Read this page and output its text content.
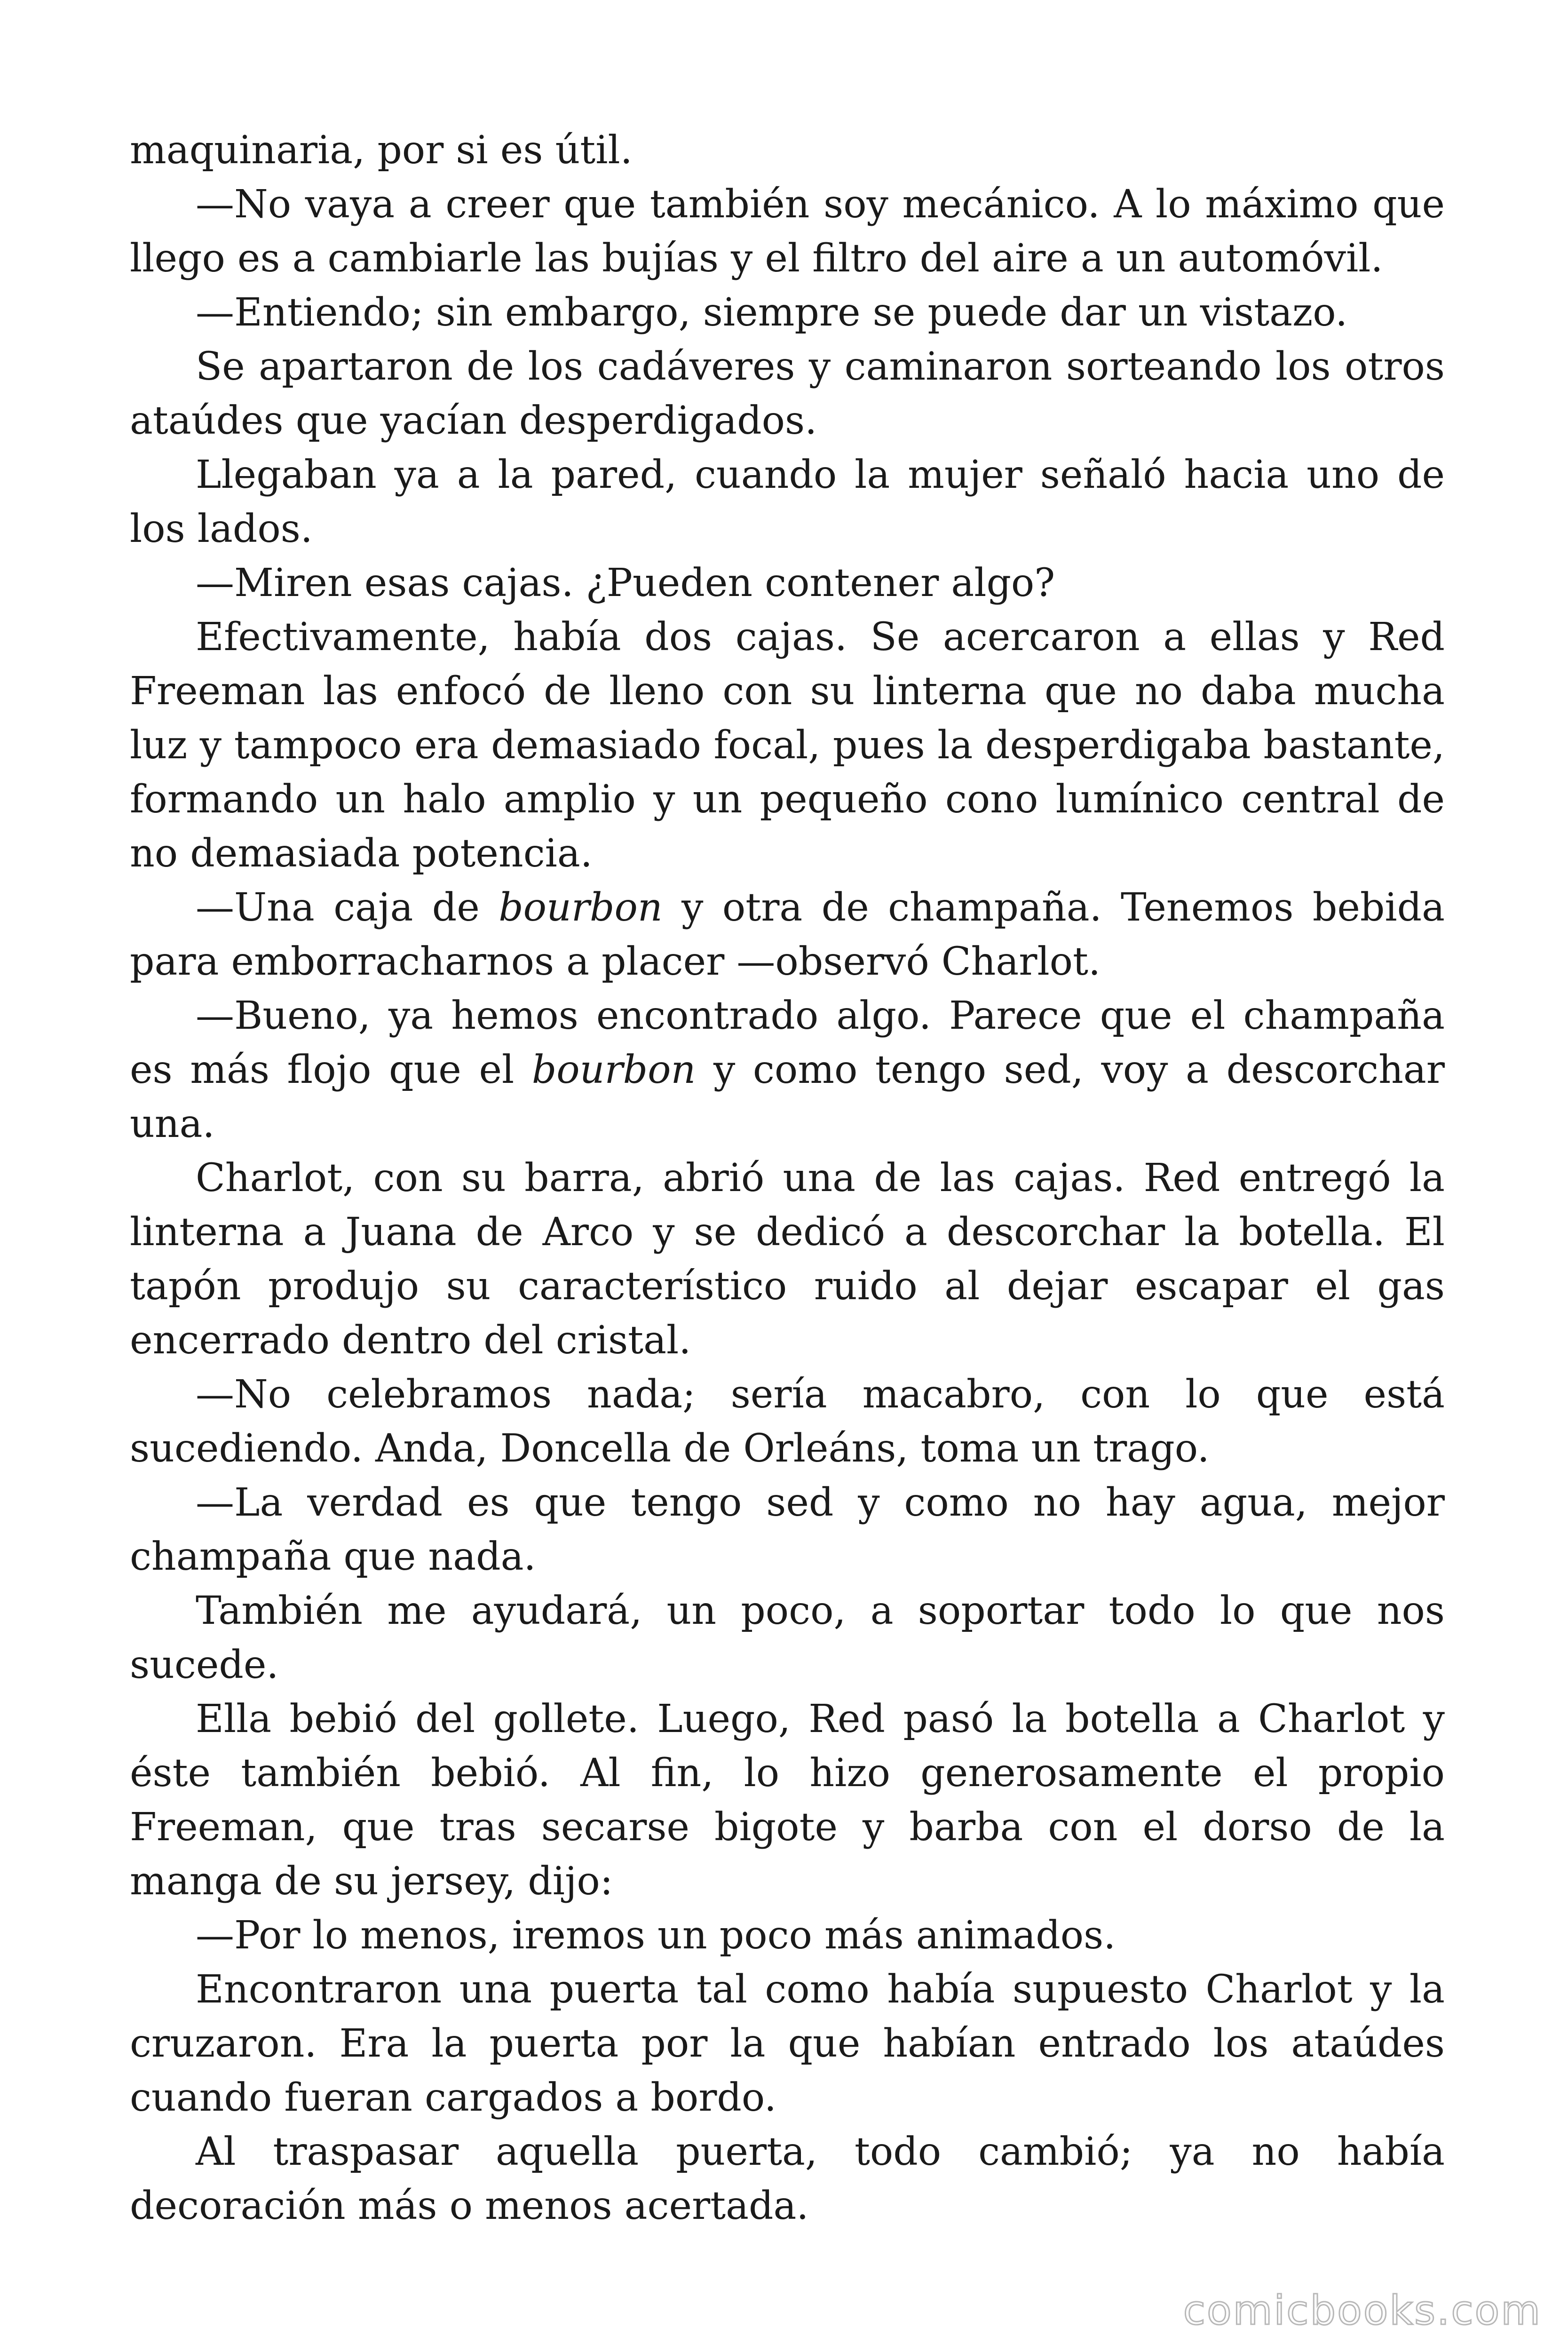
maquinaria, por si es útil.

—No vaya a creer que también soy mecánico. A lo máximo que llego es a cambiarle las bujías y el filtro del aire a un automóvil.

—Entiendo; sin embargo, siempre se puede dar un vistazo.

Se apartaron de los cadáveres y caminaron sorteando los otros ataúdes que yacían desperdigados.

Llegaban ya a la pared, cuando la mujer señaló hacia uno de los lados.

—Miren esas cajas. ¿Pueden contener algo?

Efectivamente, había dos cajas. Se acercaron a ellas y Red Freeman las enfocó de lleno con su linterna que no daba mucha luz y tampoco era demasiado focal, pues la desperdigaba bastante, formando un halo amplio y un pequeño cono lumínico central de no demasiada potencia.

—Una caja de bourbon y otra de champaña. Tenemos bebida para emborracharnos a placer —observó Charlot.

—Bueno, ya hemos encontrado algo. Parece que el champaña es más flojo que el bourbon y como tengo sed, voy a descorchar una.

Charlot, con su barra, abrió una de las cajas. Red entregó la linterna a Juana de Arco y se dedicó a descorchar la botella. El tapón produjo su característico ruido al dejar escapar el gas encerrado dentro del cristal.

—No celebramos nada; sería macabro, con lo que está sucediendo. Anda, Doncella de Orleáns, toma un trago.

—La verdad es que tengo sed y como no hay agua, mejor champaña que nada.

También me ayudará, un poco, a soportar todo lo que nos sucede.

Ella bebió del gollete. Luego, Red pasó la botella a Charlot y éste también bebió. Al fin, lo hizo generosamente el propio Freeman, que tras secarse bigote y barba con el dorso de la manga de su jersey, dijo:

—Por lo menos, iremos un poco más animados.

Encontraron una puerta tal como había supuesto Charlot y la cruzaron. Era la puerta por la que habían entrado los ataúdes cuando fueran cargados a bordo.

Al traspasar aquella puerta, todo cambió; ya no había decoración más o menos acertada.

comicbooks.com
